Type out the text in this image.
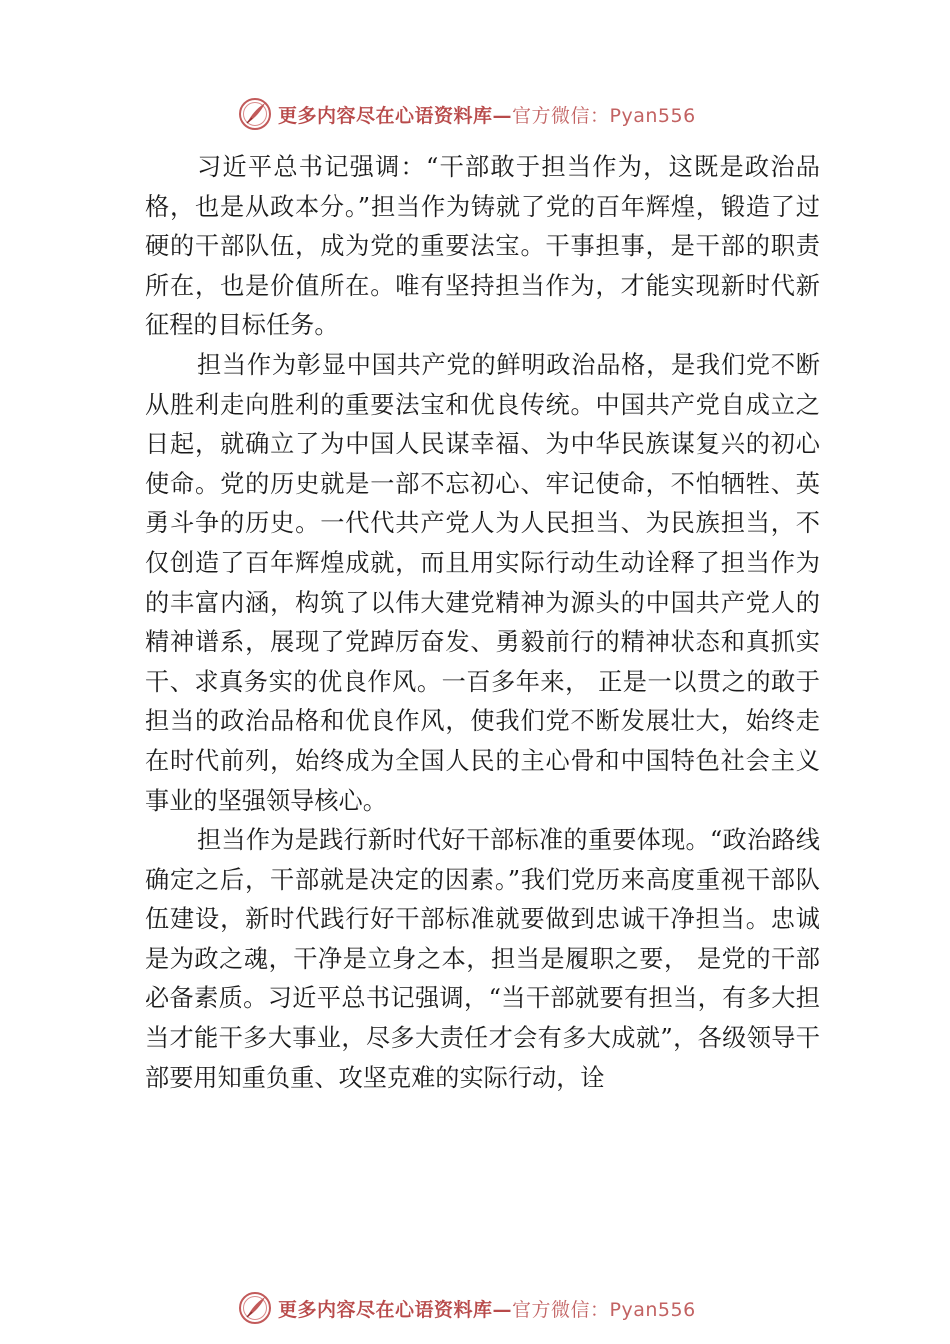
更多内容尽在心语资料库— 官方微信：Pyan556

习近平总书记强调：“干部敢于担当作为，这既是政治品格，也是从政本分。”担当作为铸就了党的百年辉煌，锻造了过硬的干部队伍，成为党的重要法宝。干事担事，是干部的职责所在，也是价值所在。唯有坚持担当作为，才能实现新时代新征程的目标任务。

担当作为彰显中国共产党的鲜明政治品格，是我们党不断从胜利走向胜利的重要法宝和优良传统。中国共产党自成立之日起，就确立了为中国人民谋幸福、为中华民族谋复兴的初心使命。党的历史就是一部不忘初心、牢记使命，不怕牺牲、英勇斗争的历史。一代代共产党人为人民担当、为民族担当，不仅创造了百年辉煌成就，而且用实际行动生动诠释了担当作为的丰富内涵，构筑了以伟大建党精神为源头的中国共产党人的精神谱系，展现了党踔厉奋发、勇毅前行的精神状态和真抓实干、求真务实的优良作风。一百多年来， 正是一以贯之的敢于担当的政治品格和优良作风，使我们党不断发展壮大，始终走在时代前列，始终成为全国人民的主心骨和中国特色社会主义事业的坚强领导核心。

担当作为是践行新时代好干部标准的重要体现。“政治路线确定之后，干部就是决定的因素。”我们党历来高度重视干部队伍建设，新时代践行好干部标准就要做到忠诚干净担当。忠诚是为政之魂，干净是立身之本，担当是履职之要， 是党的干部必备素质。习近平总书记强调，“当干部就要有担当，有多大担当才能干多大事业，尽多大责任才会有多大成就”，各级领导干部要用知重负重、攻坚克难的实际行动，诠

更多内容尽在心语资料库— 官方微信：Pyan556
